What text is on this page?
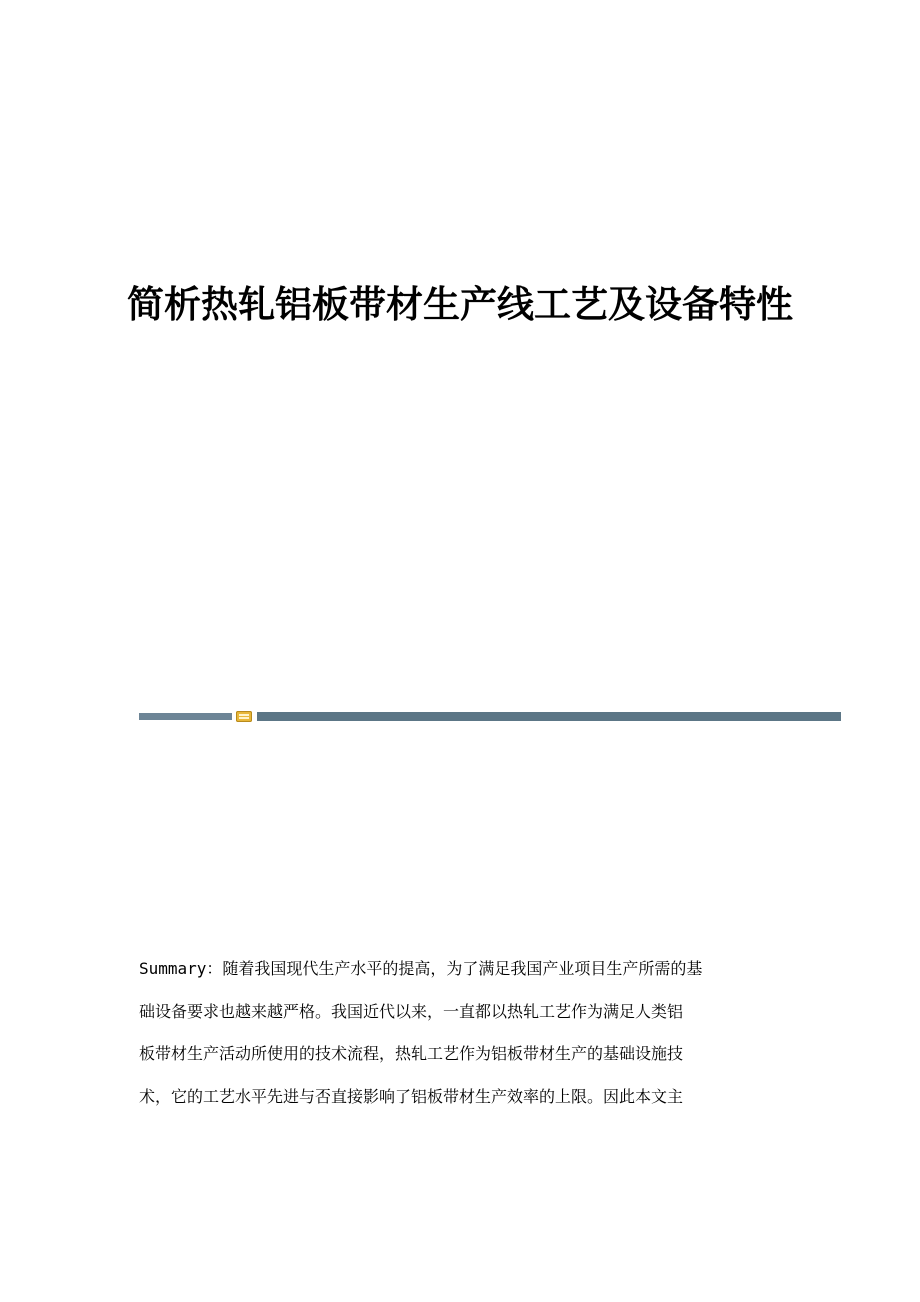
简析热轧铝板带材生产线工艺及设备特性
Summary：随着我国现代生产水平的提高，为了满足我国产业项目生产所需的基
础设备要求也越来越严格。我国近代以来，一直都以热轧工艺作为满足人类铝
板带材生产活动所使用的技术流程，热轧工艺作为铝板带材生产的基础设施技
术，它的工艺水平先进与否直接影响了铝板带材生产效率的上限。因此本文主
